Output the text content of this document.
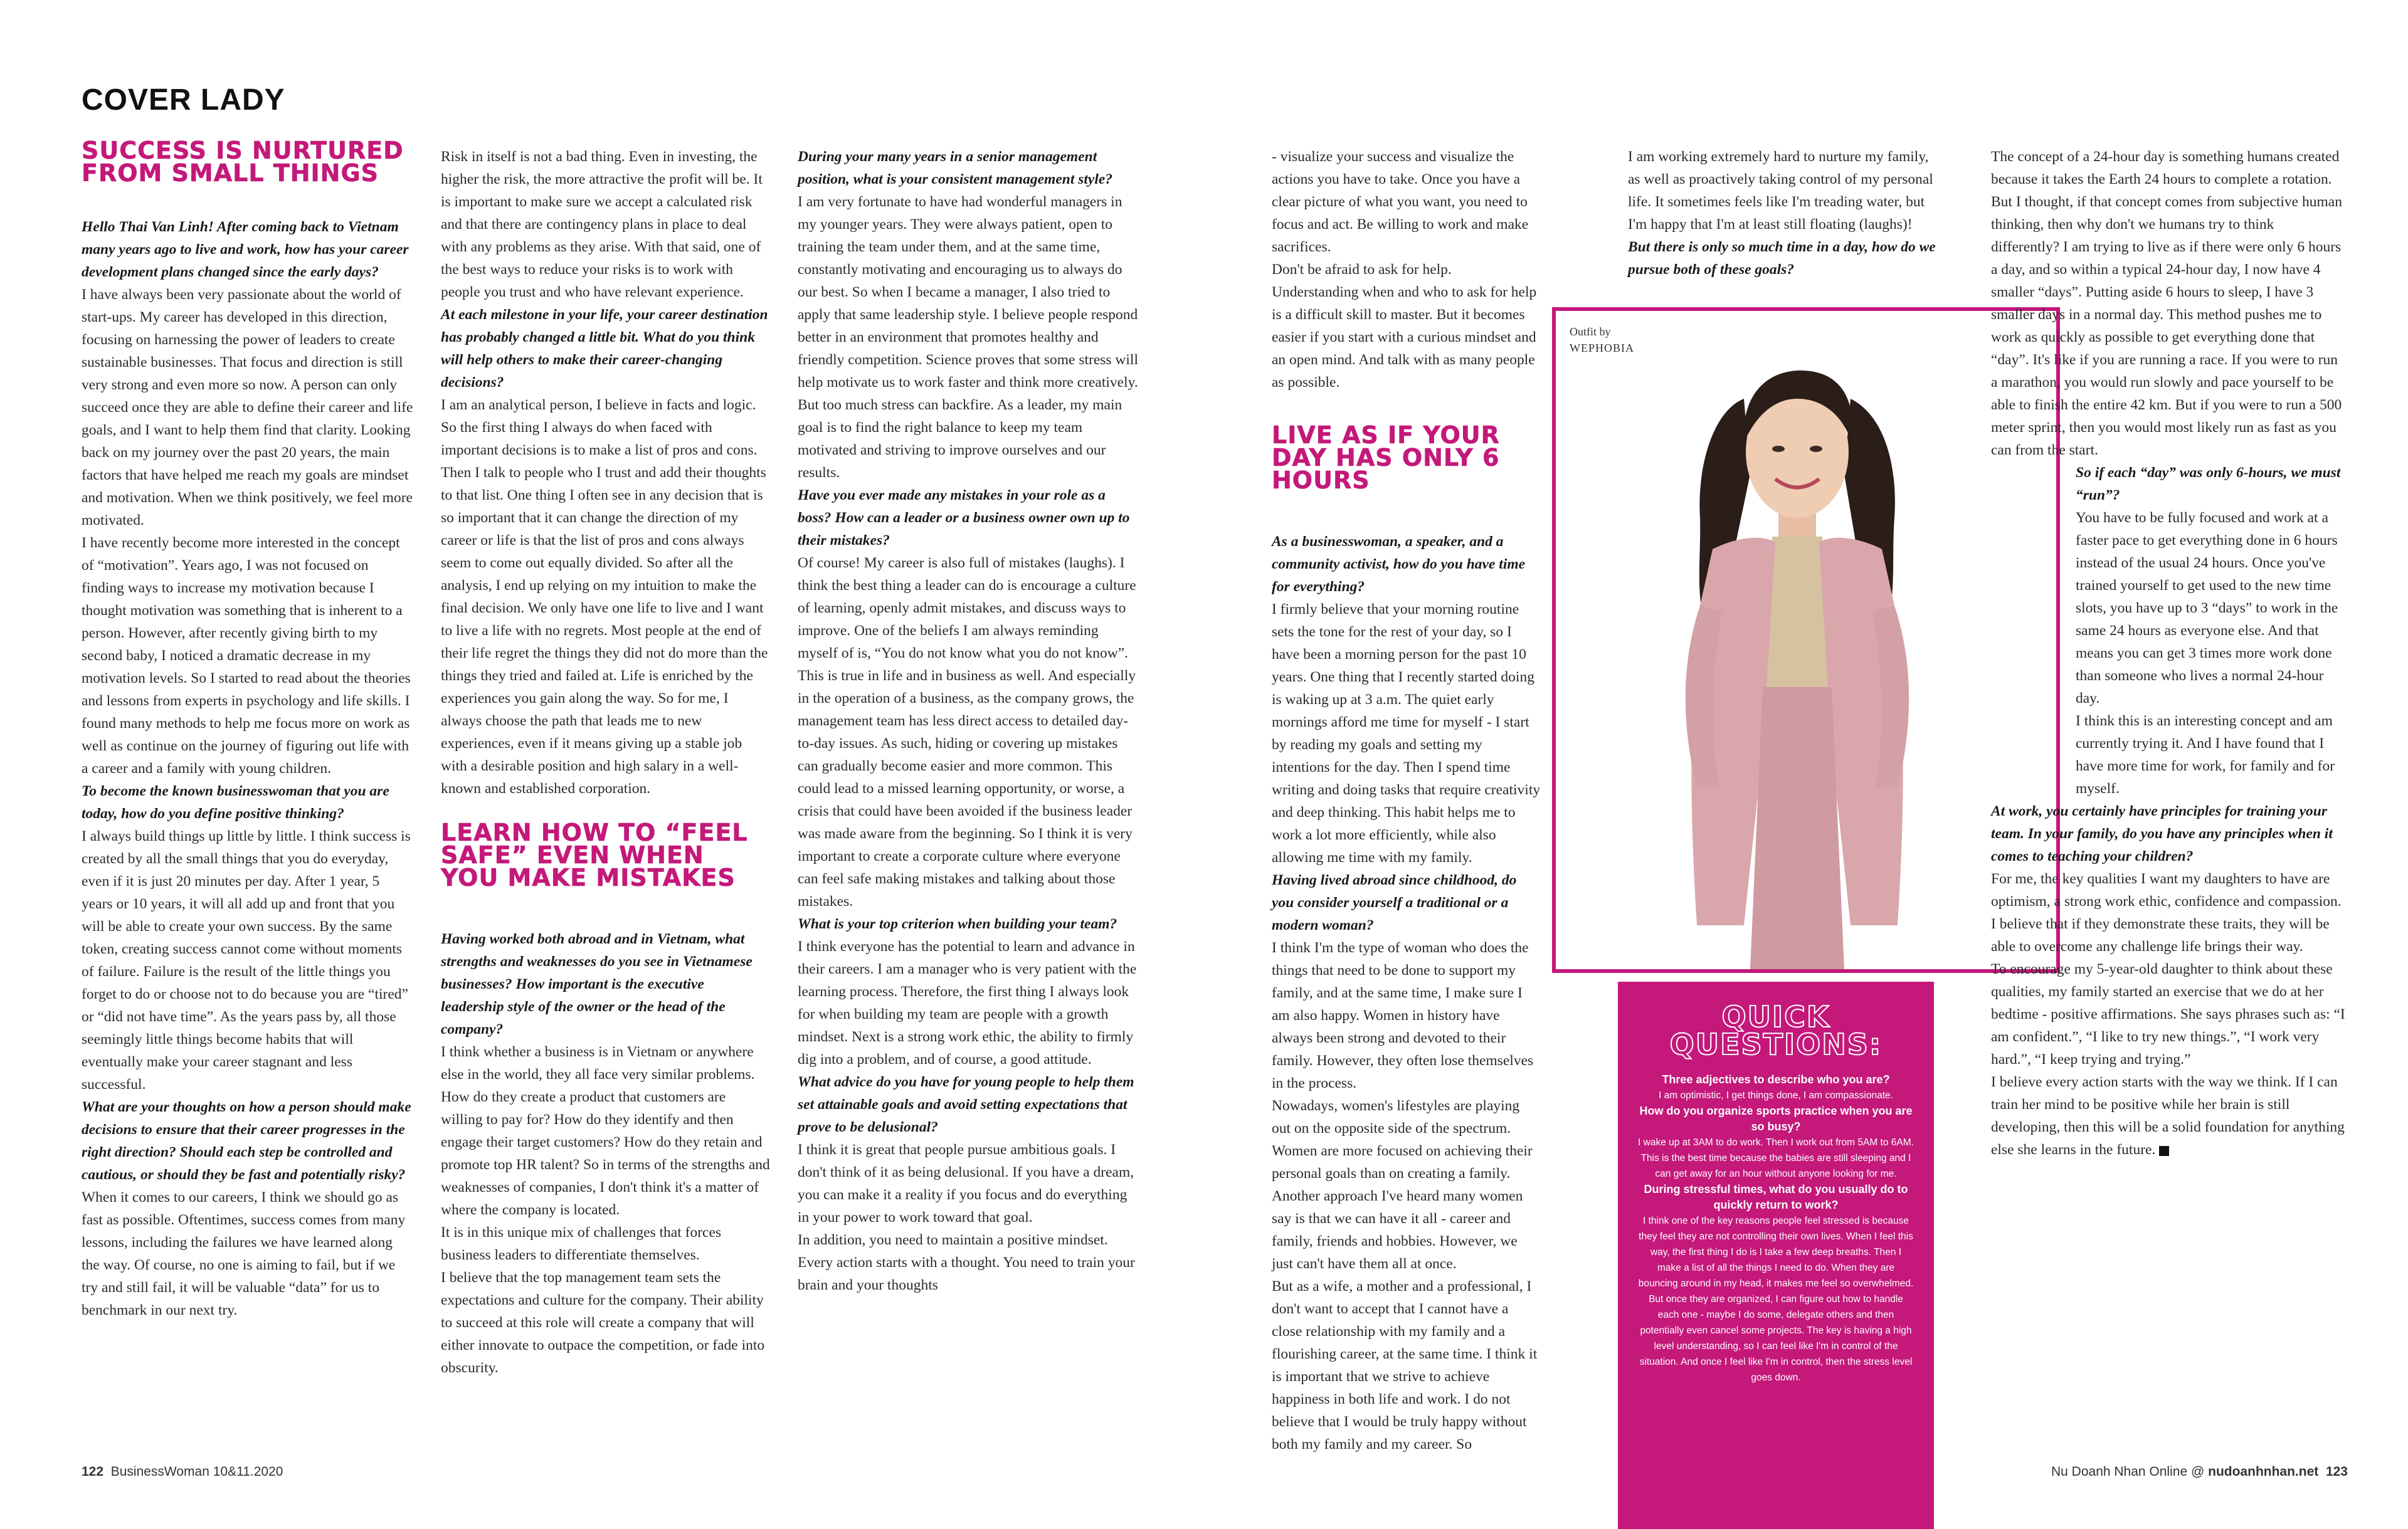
COVER LADY
SUCCESS IS NURTURED FROM SMALL THINGS

Hello Thai Van Linh! After coming back to Vietnam many years ago to live and work, how has your career development plans changed since the early days?

I have always been very passionate about the world of start-ups. My career has developed in this direction, focusing on harnessing the power of leaders to create sustainable businesses. That focus and direction is still very strong and even more so now. A person can only succeed once they are able to define their career and life goals, and I want to help them find that clarity. Looking back on my journey over the past 20 years, the main factors that have helped me reach my goals are mindset and motivation. When we think positively, we feel more motivated.

I have recently become more interested in the concept of “motivation”. Years ago, I was not focused on finding ways to increase my motivation because I thought motivation was something that is inherent to a person. However, after recently giving birth to my second baby, I noticed a dramatic decrease in my motivation levels. So I started to read about the theories and lessons from experts in psychology and life skills. I found many methods to help me focus more on work as well as continue on the journey of figuring out life with a career and a family with young children.

To become the known businesswoman that you are today, how do you define positive thinking?

I always build things up little by little. I think success is created by all the small things that you do everyday, even if it is just 20 minutes per day. After 1 year, 5 years or 10 years, it will all add up and front that you will be able to create your own success. By the same token, creating success cannot come without moments of failure. Failure is the result of the little things you forget to do or choose not to do because you are “tired” or “did not have time”. As the years pass by, all those seemingly little things become habits that will eventually make your career stagnant and less successful.

What are your thoughts on how a person should make decisions to ensure that their career progresses in the right direction? Should each step be controlled and cautious, or should they be fast and potentially risky?

When it comes to our careers, I think we should go as fast as possible. Oftentimes, success comes from many lessons, including the failures we have learned along the way. Of course, no one is aiming to fail, but if we try and still fail, it will be valuable “data” for us to benchmark in our next try.

Risk in itself is not a bad thing. Even in investing, the higher the risk, the more attractive the profit will be. It is important to make sure we accept a calculated risk and that there are contingency plans in place to deal with any problems as they arise. With that said, one of the best ways to reduce your risks is to work with people you trust and who have relevant experience.

At each milestone in your life, your career destination has probably changed a little bit. What do you think will help others to make their career-changing decisions?

I am an analytical person, I believe in facts and logic. So the first thing I always do when faced with important decisions is to make a list of pros and cons. Then I talk to people who I trust and add their thoughts to that list. One thing I often see in any decision that is so important that it can change the direction of my career or life is that the list of pros and cons always seem to come out equally divided. So after all the analysis, I end up relying on my intuition to make the final decision. We only have one life to live and I want to live a life with no regrets. Most people at the end of their life regret the things they did not do more than the things they tried and failed at. Life is enriched by the experiences you gain along the way. So for me, I always choose the path that leads me to new experiences, even if it means giving up a stable job with a desirable position and high salary in a well-known and established corporation.

LEARN HOW TO “FEEL SAFE” EVEN WHEN YOU MAKE MISTAKES

Having worked both abroad and in Vietnam, what strengths and weaknesses do you see in Vietnamese businesses? How important is the executive leadership style of the owner or the head of the company?

I think whether a business is in Vietnam or anywhere else in the world, they all face very similar problems. How do they create a product that customers are willing to pay for? How do they identify and then engage their target customers? How do they retain and promote top HR talent? So in terms of the strengths and weaknesses of companies, I don't think it's a matter of where the company is located.

It is in this unique mix of challenges that forces business leaders to differentiate themselves.

I believe that the top management team sets the expectations and culture for the company. Their ability to succeed at this role will create a company that will either innovate to outpace the competition, or fade into obscurity.

During your many years in a senior management position, what is your consistent management style?

I am very fortunate to have had wonderful managers in my younger years. They were always patient, open to training the team under them, and at the same time, constantly motivating and encouraging us to always do our best. So when I became a manager, I also tried to apply that same leadership style. I believe people respond better in an environment that promotes healthy and friendly competition. Science proves that some stress will help motivate us to work faster and think more creatively. But too much stress can backfire. As a leader, my main goal is to find the right balance to keep my team motivated and striving to improve ourselves and our results.

Have you ever made any mistakes in your role as a boss? How can a leader or a business owner own up to their mistakes?

Of course! My career is also full of mistakes (laughs). I think the best thing a leader can do is encourage a culture of learning, openly admit mistakes, and discuss ways to improve. One of the beliefs I am always reminding myself of is, “You do not know what you do not know”. This is true in life and in business as well. And especially in the operation of a business, as the company grows, the management team has less direct access to detailed day-to-day issues. As such, hiding or covering up mistakes can gradually become easier and more common. This could lead to a missed learning opportunity, or worse, a crisis that could have been avoided if the business leader was made aware from the beginning. So I think it is very important to create a corporate culture where everyone can feel safe making mistakes and talking about those mistakes.

What is your top criterion when building your team?

I think everyone has the potential to learn and advance in their careers. I am a manager who is very patient with the learning process. Therefore, the first thing I always look for when building my team are people with a growth mindset. Next is a strong work ethic, the ability to firmly dig into a problem, and of course, a good attitude.

What advice do you have for young people to help them set attainable goals and avoid setting expectations that prove to be delusional?

I think it is great that people pursue ambitious goals. I don't think of it as being delusional. If you have a dream, you can make it a reality if you focus and do everything in your power to work toward that goal.

In addition, you need to maintain a positive mindset. Every action starts with a thought. You need to train your brain and your thoughts

- visualize your success and visualize the actions you have to take. Once you have a clear picture of what you want, you need to focus and act. Be willing to work and make sacrifices.

Don't be afraid to ask for help. Understanding when and who to ask for help is a difficult skill to master. But it becomes easier if you start with a curious mindset and an open mind. And talk with as many people as possible.

LIVE AS IF YOUR DAY HAS ONLY 6 HOURS

As a businesswoman, a speaker, and a community activist, how do you have time for everything?

I firmly believe that your morning routine sets the tone for the rest of your day, so I have been a morning person for the past 10 years. One thing that I recently started doing is waking up at 3 a.m. The quiet early mornings afford me time for myself - I start by reading my goals and setting my intentions for the day. Then I spend time writing and doing tasks that require creativity and deep thinking. This habit helps me to work a lot more efficiently, while also allowing me time with my family.

Having lived abroad since childhood, do you consider yourself a traditional or a modern woman?

I think I'm the type of woman who does the things that need to be done to support my family, and at the same time, I make sure I am also happy. Women in history have always been strong and devoted to their family. However, they often lose themselves in the process.

Nowadays, women's lifestyles are playing out on the opposite side of the spectrum. Women are more focused on achieving their personal goals than on creating a family. Another approach I've heard many women say is that we can have it all - career and family, friends and hobbies. However, we just can't have them all at once.

But as a wife, a mother and a professional, I don't want to accept that I cannot have a close relationship with my family and a flourishing career, at the same time. I think it is important that we strive to achieve happiness in both life and work. I do not believe that I would be truly happy without both my family and my career. So

I am working extremely hard to nurture my family, as well as proactively taking control of my personal life. It sometimes feels like I'm treading water, but I'm happy that I'm at least still floating (laughs)!

But there is only so much time in a day, how do we pursue both of these goals?

Outfit by
WEPHOBIA
QUICK QUESTIONS:
Three adjectives to describe who you are?
I am optimistic, I get things done, I am compassionate.
How do you organize sports practice when you are so busy?
I wake up at 3AM to do work. Then I work out from 5AM to 6AM. This is the best time because the babies are still sleeping and I can get away for an hour without anyone looking for me.
During stressful times, what do you usually do to quickly return to work?
I think one of the key reasons people feel stressed is because they feel they are not controlling their own lives. When I feel this way, the first thing I do is I take a few deep breaths. Then I make a list of all the things I need to do. When they are bouncing around in my head, it makes me feel so overwhelmed. But once they are organized, I can figure out how to handle each one - maybe I do some, delegate others and then potentially even cancel some projects. The key is having a high level understanding, so I can feel like I'm in control of the situation. And once I feel like I'm in control, then the stress level goes down.

The concept of a 24-hour day is something humans created because it takes the Earth 24 hours to complete a rotation. But I thought, if that concept comes from subjective human thinking, then why don't we humans try to think differently? I am trying to live as if there were only 6 hours a day, and so within a typical 24-hour day, I now have 4 smaller “days”. Putting aside 6 hours to sleep, I have 3 smaller days in a normal day. This method pushes me to work as quickly as possible to get everything done that “day”. It's like if you are running a race. If you were to run a marathon, you would run slowly and pace yourself to be able to finish the entire 42 km. But if you were to run a 500 meter sprint, then you would most likely run as fast as you can from the start.

So if each “day” was only 6-hours, we must “run”?

You have to be fully focused and work at a faster pace to get everything done in 6 hours instead of the usual 24 hours. Once you've trained yourself to get used to the new time slots, you have up to 3 “days” to work in the same 24 hours as everyone else. And that means you can get 3 times more work done than someone who lives a normal 24-hour day.

I think this is an interesting concept and am currently trying it. And I have found that I have more time for work, for family and for myself.

At work, you certainly have principles for training your team. In your family, do you have any principles when it comes to teaching your children?

For me, the key qualities I want my daughters to have are optimism, a strong work ethic, confidence and compassion. I believe that if they demonstrate these traits, they will be able to overcome any challenge life brings their way.

To encourage my 5-year-old daughter to think about these qualities, my family started an exercise that we do at her bedtime - positive affirmations. She says phrases such as: “I am confident.”, “I like to try new things.”, “I work very hard.”, “I keep trying and trying.”

I believe every action starts with the way we think. If I can train her mind to be positive while her brain is still developing, then this will be a solid foundation for anything else she learns in the future.

122 BusinessWoman 10&11.2020	Nu Doanh Nhan Online @ nudoanhnhan.net 123
